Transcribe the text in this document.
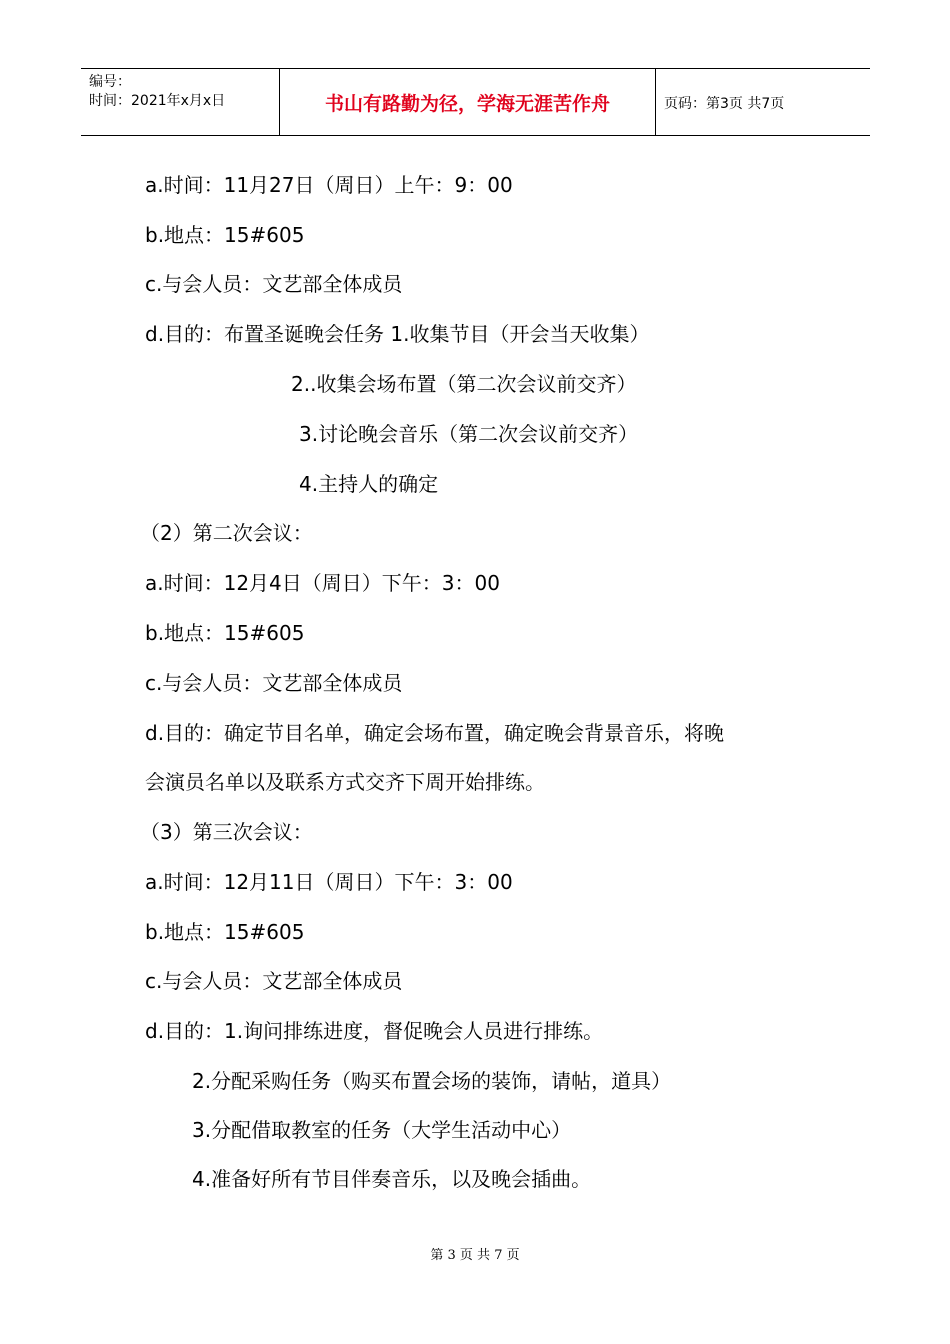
编号：
时间：2021年x月x日	书山有路勤为径，学海无涯苦作舟	页码：第3页 共7页
a.时间：11月27日（周日）上午：9：00
b.地点：15#605
c.与会人员：文艺部全体成员
d.目的：布置圣诞晚会任务 1.收集节目（开会当天收集）
2..收集会场布置（第二次会议前交齐）
3.讨论晚会音乐（第二次会议前交齐）
4.主持人的确定
（2）第二次会议：
a.时间：12月4日（周日）下午：3：00
b.地点：15#605
c.与会人员：文艺部全体成员
d.目的：确定节目名单，确定会场布置，确定晚会背景音乐，将晚
会演员名单以及联系方式交齐下周开始排练。
（3）第三次会议：
a.时间：12月11日（周日）下午：3：00
b.地点：15#605
c.与会人员：文艺部全体成员
d.目的：1.询问排练进度，督促晚会人员进行排练。
2.分配采购任务（购买布置会场的装饰，请帖，道具）
3.分配借取教室的任务（大学生活动中心）
4.准备好所有节目伴奏音乐，以及晚会插曲。
第 3 页 共 7 页
